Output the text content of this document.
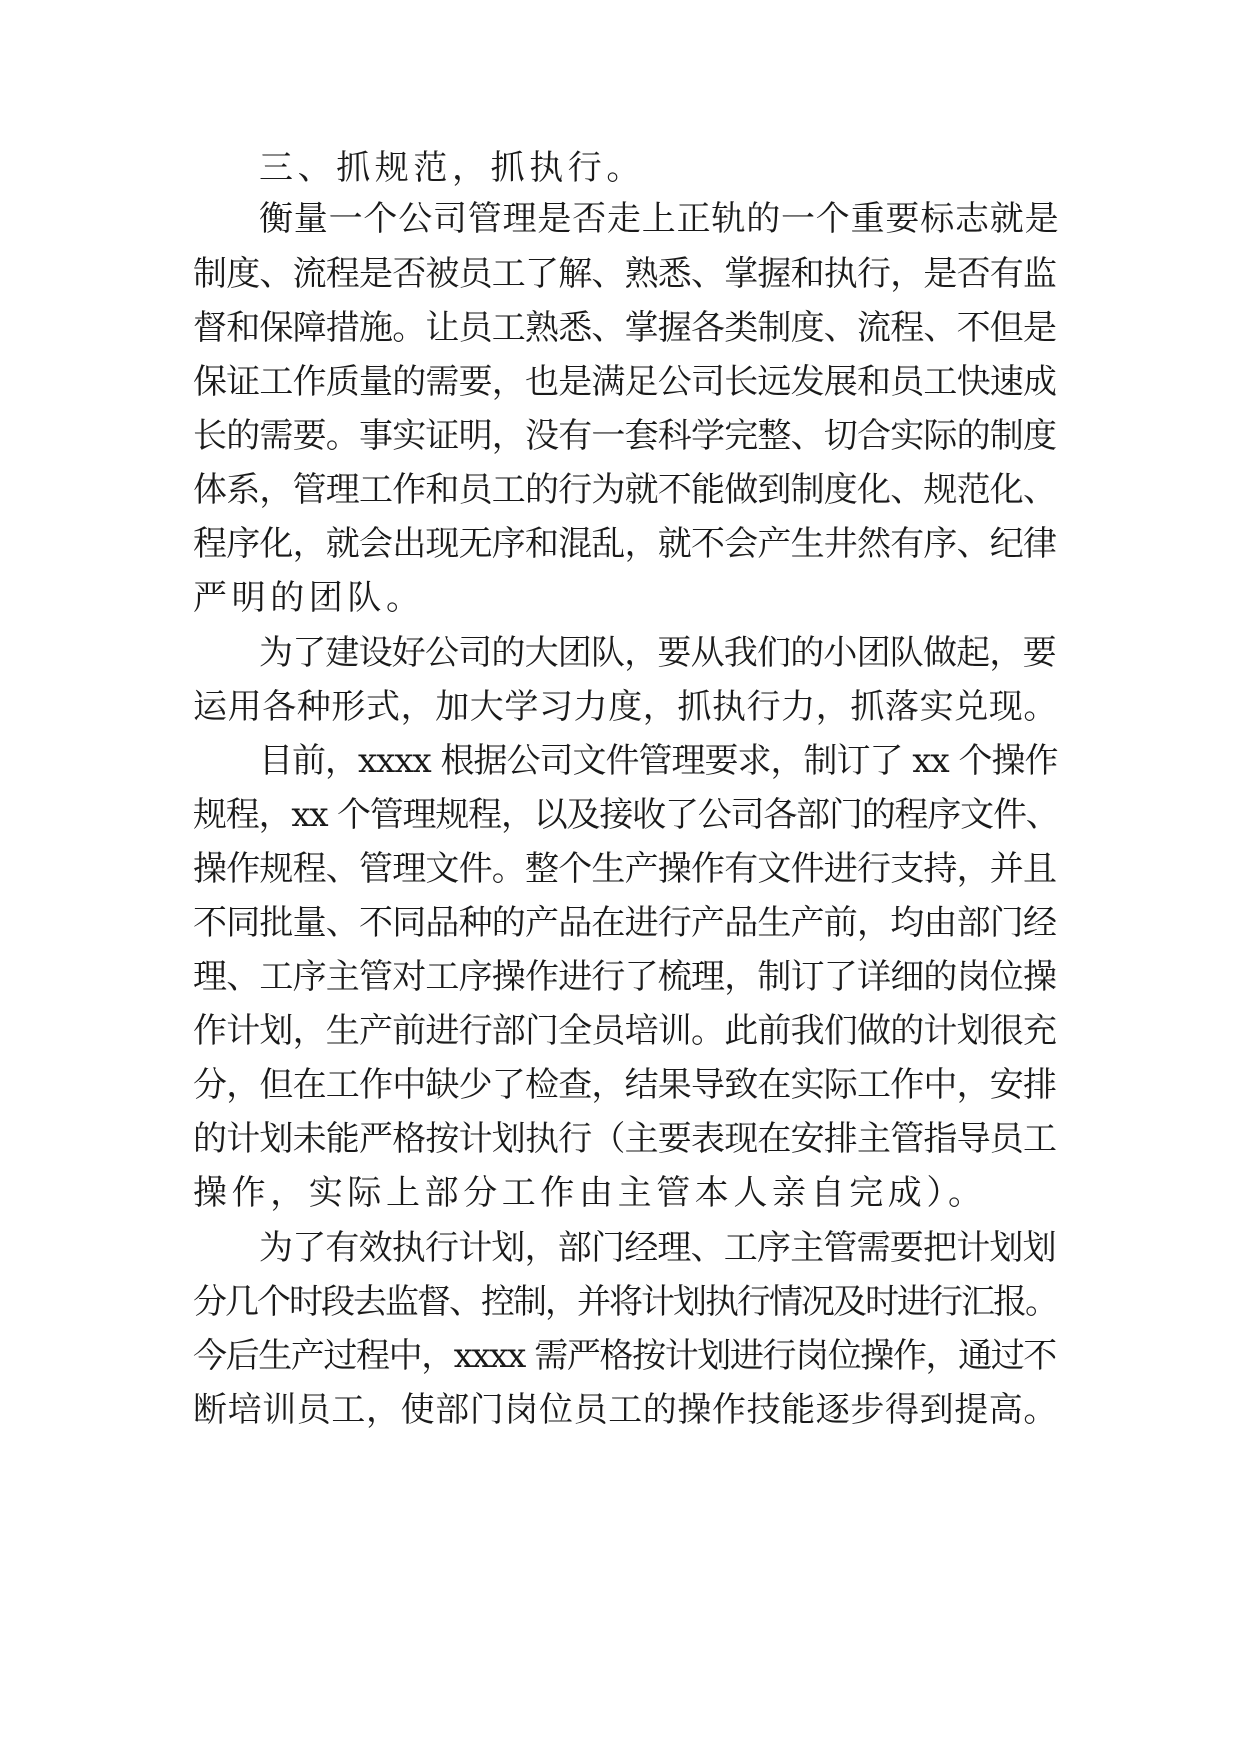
三、抓规范，抓执行。
衡量一个公司管理是否走上正轨的一个重要标志就是
制度、流程是否被员工了解、熟悉、掌握和执行，是否有监
督和保障措施。让员工熟悉、掌握各类制度、流程、不但是
保证工作质量的需要，也是满足公司长远发展和员工快速成
长的需要。事实证明，没有一套科学完整、切合实际的制度
体系，管理工作和员工的行为就不能做到制度化、规范化、
程序化，就会出现无序和混乱，就不会产生井然有序、纪律
严明的团队。
为了建设好公司的大团队，要从我们的小团队做起，要
运用各种形式，加大学习力度，抓执行力，抓落实兑现。
目前，xxxx 根据公司文件管理要求，制订了 xx 个操作
规程，xx 个管理规程，以及接收了公司各部门的程序文件、
操作规程、管理文件。整个生产操作有文件进行支持，并且
不同批量、不同品种的产品在进行产品生产前，均由部门经
理、工序主管对工序操作进行了梳理，制订了详细的岗位操
作计划，生产前进行部门全员培训。此前我们做的计划很充
分，但在工作中缺少了检查，结果导致在实际工作中，安排
的计划未能严格按计划执行（主要表现在安排主管指导员工
操作，实际上部分工作由主管本人亲自完成）。
为了有效执行计划，部门经理、工序主管需要把计划划
分几个时段去监督、控制，并将计划执行情况及时进行汇报。
今后生产过程中，xxxx 需严格按计划进行岗位操作，通过不
断培训员工，使部门岗位员工的操作技能逐步得到提高。
